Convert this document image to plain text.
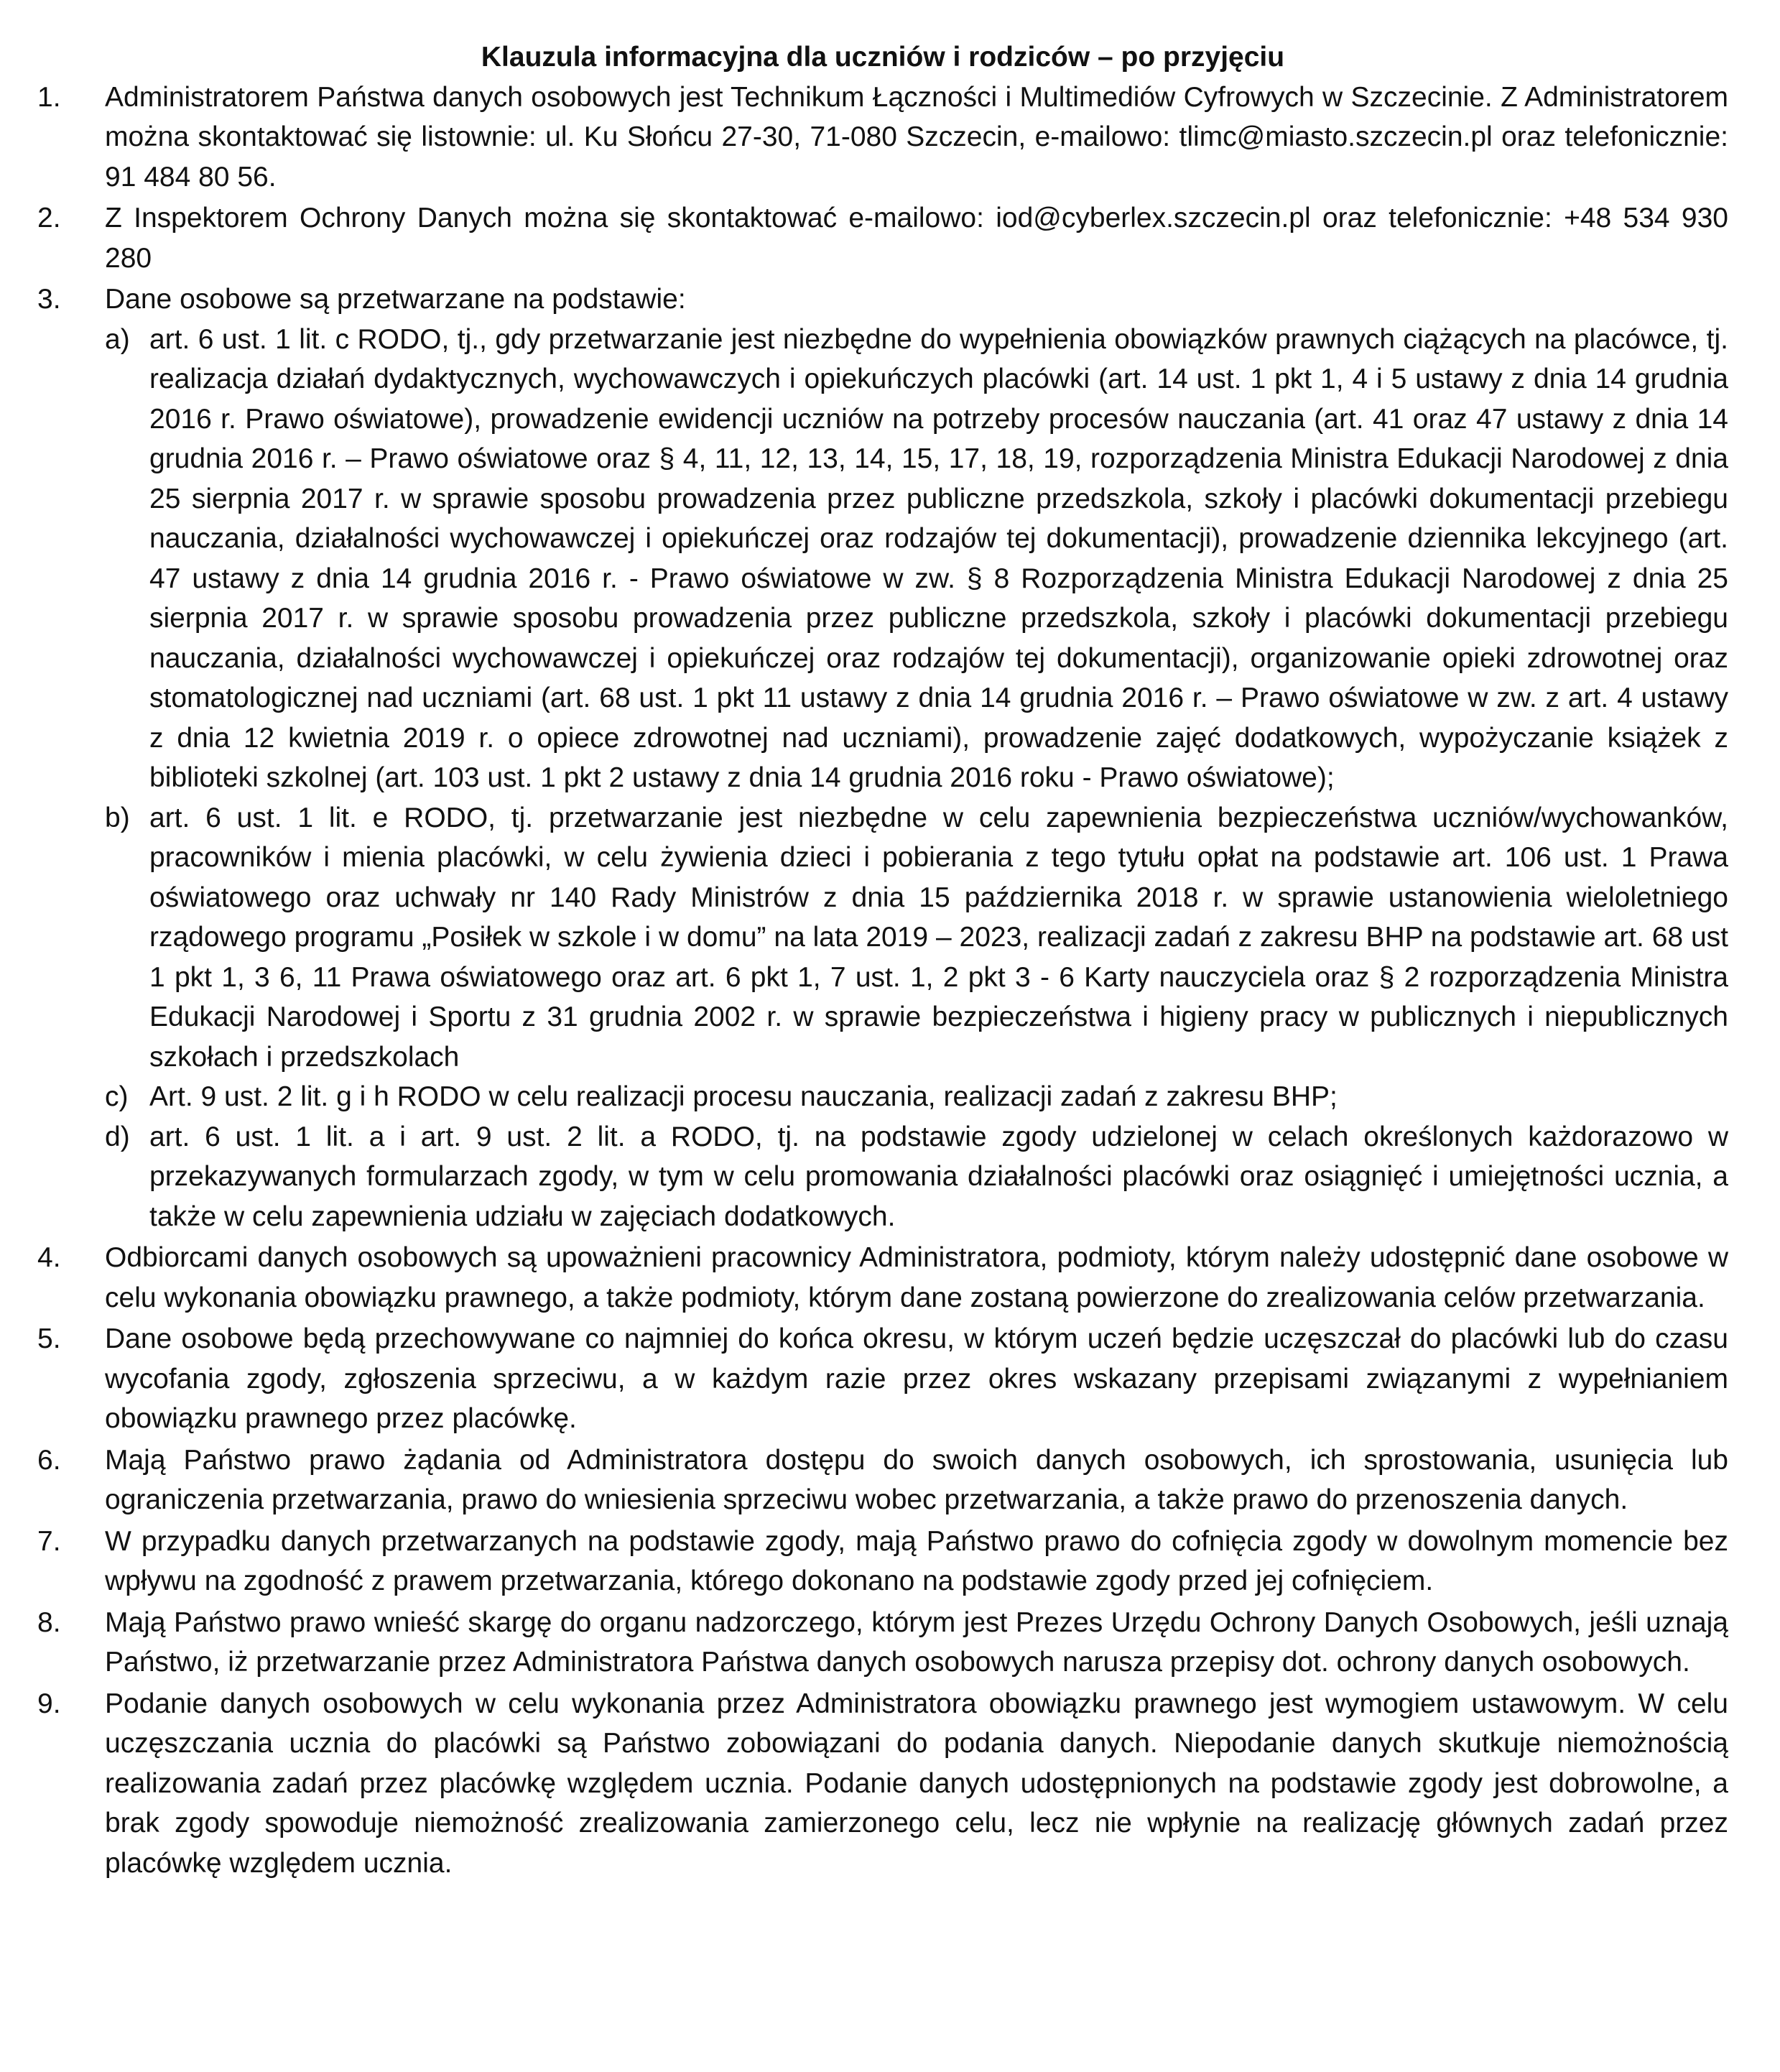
Klauzula informacyjna dla uczniów i rodziców – po przyjęciu
1. Administratorem Państwa danych osobowych jest Technikum Łączności i Multimediów Cyfrowych w Szczecinie. Z Administratorem można skontaktować się listownie: ul. Ku Słońcu 27-30, 71-080 Szczecin, e-mailowo: tlimc@miasto.szczecin.pl oraz telefonicznie: 91 484 80 56.
2. Z Inspektorem Ochrony Danych można się skontaktować e-mailowo: iod@cyberlex.szczecin.pl oraz telefonicznie: +48 534 930 280
3. Dane osobowe są przetwarzane na podstawie:
a) art. 6 ust. 1 lit. c RODO, tj., gdy przetwarzanie jest niezbędne do wypełnienia obowiązków prawnych ciążących na placówce, tj. realizacja działań dydaktycznych, wychowawczych i opiekuńczych placówki (art. 14 ust. 1 pkt 1, 4 i 5 ustawy z dnia 14 grudnia 2016 r. Prawo oświatowe), prowadzenie ewidencji uczniów na potrzeby procesów nauczania (art. 41 oraz 47 ustawy z dnia 14 grudnia 2016 r. – Prawo oświatowe oraz § 4, 11, 12, 13, 14, 15, 17, 18, 19, rozporządzenia Ministra Edukacji Narodowej z dnia 25 sierpnia 2017 r. w sprawie sposobu prowadzenia przez publiczne przedszkola, szkoły i placówki dokumentacji przebiegu nauczania, działalności wychowawczej i opiekuńczej oraz rodzajów tej dokumentacji), prowadzenie dziennika lekcyjnego (art. 47 ustawy z dnia 14 grudnia 2016 r. - Prawo oświatowe w zw. § 8 Rozporządzenia Ministra Edukacji Narodowej z dnia 25 sierpnia 2017 r. w sprawie sposobu prowadzenia przez publiczne przedszkola, szkoły i placówki dokumentacji przebiegu nauczania, działalności wychowawczej i opiekuńczej oraz rodzajów tej dokumentacji), organizowanie opieki zdrowotnej oraz stomatologicznej nad uczniami (art. 68 ust. 1 pkt 11 ustawy z dnia 14 grudnia 2016 r. – Prawo oświatowe w zw. z art. 4 ustawy z dnia 12 kwietnia 2019 r. o opiece zdrowotnej nad uczniami), prowadzenie zajęć dodatkowych, wypożyczanie książek z biblioteki szkolnej (art. 103 ust. 1 pkt 2 ustawy z dnia 14 grudnia 2016 roku - Prawo oświatowe);
b) art. 6 ust. 1 lit. e RODO, tj. przetwarzanie jest niezbędne w celu zapewnienia bezpieczeństwa uczniów/wychowanków, pracowników i mienia placówki, w celu żywienia dzieci i pobierania z tego tytułu opłat na podstawie art. 106 ust. 1 Prawa oświatowego oraz uchwały nr 140 Rady Ministrów z dnia 15 października 2018 r. w sprawie ustanowienia wieloletniego rządowego programu „Posiłek w szkole i w domu” na lata 2019 – 2023, realizacji zadań z zakresu BHP na podstawie art. 68 ust 1 pkt 1, 3 6, 11 Prawa oświatowego oraz art. 6 pkt 1, 7 ust. 1, 2 pkt 3 - 6 Karty nauczyciela oraz § 2 rozporządzenia Ministra Edukacji Narodowej i Sportu z 31 grudnia 2002 r. w sprawie bezpieczeństwa i higieny pracy w publicznych i niepublicznych szkołach i przedszkolach
c) Art. 9 ust. 2 lit. g i h RODO w celu realizacji procesu nauczania, realizacji zadań z zakresu BHP;
d) art. 6 ust. 1 lit. a i art. 9 ust. 2 lit. a RODO, tj. na podstawie zgody udzielonej w celach określonych każdorazowo w przekazywanych formularzach zgody, w tym w celu promowania działalności placówki oraz osiągnięć i umiejętności ucznia, a także w celu zapewnienia udziału w zajęciach dodatkowych.
4. Odbiorcami danych osobowych są upoważnieni pracownicy Administratora, podmioty, którym należy udostępnić dane osobowe w celu wykonania obowiązku prawnego, a także podmioty, którym dane zostaną powierzone do zrealizowania celów przetwarzania.
5. Dane osobowe będą przechowywane co najmniej do końca okresu, w którym uczeń będzie uczęszczał do placówki lub do czasu wycofania zgody, zgłoszenia sprzeciwu, a w każdym razie przez okres wskazany przepisami związanymi z wypełnianiem obowiązku prawnego przez placówkę.
6. Mają Państwo prawo żądania od Administratora dostępu do swoich danych osobowych, ich sprostowania, usunięcia lub ograniczenia przetwarzania, prawo do wniesienia sprzeciwu wobec przetwarzania, a także prawo do przenoszenia danych.
7. W przypadku danych przetwarzanych na podstawie zgody, mają Państwo prawo do cofnięcia zgody w dowolnym momencie bez wpływu na zgodność z prawem przetwarzania, którego dokonano na podstawie zgody przed jej cofnięciem.
8. Mają Państwo prawo wnieść skargę do organu nadzorczego, którym jest Prezes Urzędu Ochrony Danych Osobowych, jeśli uznają Państwo, iż przetwarzanie przez Administratora Państwa danych osobowych narusza przepisy dot. ochrony danych osobowych.
9. Podanie danych osobowych w celu wykonania przez Administratora obowiązku prawnego jest wymogiem ustawowym. W celu uczęszczania ucznia do placówki są Państwo zobowiązani do podania danych. Niepodanie danych skutkuje niemożnością realizowania zadań przez placówkę względem ucznia. Podanie danych udostępnionych na podstawie zgody jest dobrowolne, a brak zgody spowoduje niemożność zrealizowania zamierzonego celu, lecz nie wpłynie na realizację głównych zadań przez placówkę względem ucznia.
